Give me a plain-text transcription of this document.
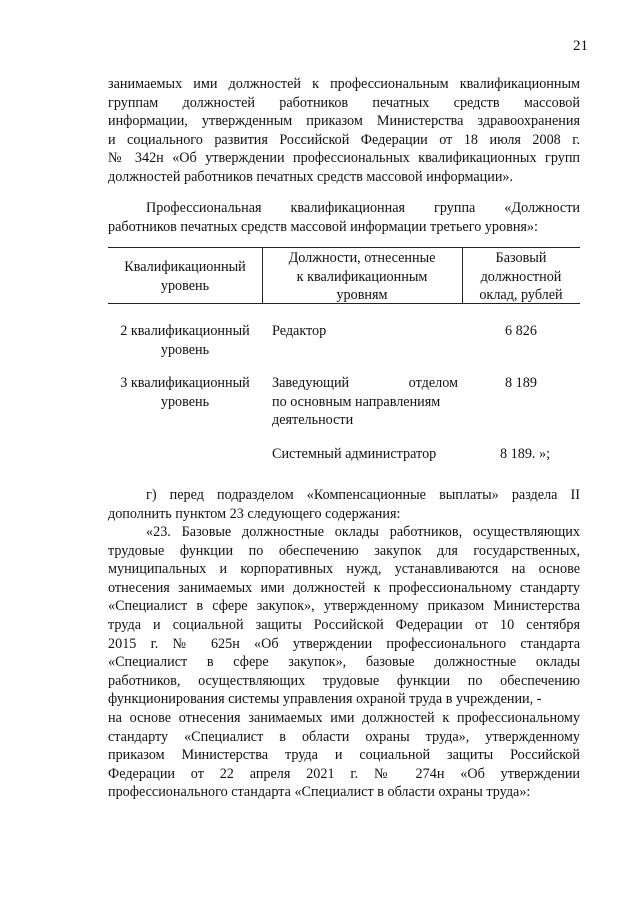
21
занимаемых ими должностей к профессиональным квалификационным
группам должностей работников печатных средств массовой
информации, утвержденным приказом Министерства здравоохранения
и социального развития Российской Федерации от 18 июля 2008 г.
№ 342н «Об утверждении профессиональных квалификационных групп
должностей работников печатных средств массовой информации».
Профессиональная квалификационная группа «Должности
работников печатных средств массовой информации третьего уровня»:
Квалификационный
уровень
Должности, отнесенные
к квалификационным
уровням
Базовый
должностной
оклад, рублей
2 квалификационный
уровень
Редактор	6 826
3 квалификационный
уровень
Заведующий отделом
по основным направлениям
деятельности
8 189
Системный администратор	8 189. »;
г) перед подразделом «Компенсационные выплаты» раздела II
дополнить пунктом 23 следующего содержания:
«23. Базовые должностные оклады работников, осуществляющих
трудовые функции по обеспечению закупок для государственных,
муниципальных и корпоративных нужд, устанавливаются на основе
отнесения занимаемых ими должностей к профессиональному стандарту
«Специалист в сфере закупок», утвержденному приказом Министерства
труда и социальной защиты Российской Федерации от 10 сентября
2015 г. № 625н «Об утверждении профессионального стандарта
«Специалист в сфере закупок», базовые должностные оклады
работников, осуществляющих трудовые функции по обеспечению
функционирования системы управления охраной труда в учреждении, -
на основе отнесения занимаемых ими должностей к профессиональному
стандарту «Специалист в области охраны труда», утвержденному
приказом Министерства труда и социальной защиты Российской
Федерации от 22 апреля 2021 г. № 274н «Об утверждении
профессионального стандарта «Специалист в области охраны труда»:
